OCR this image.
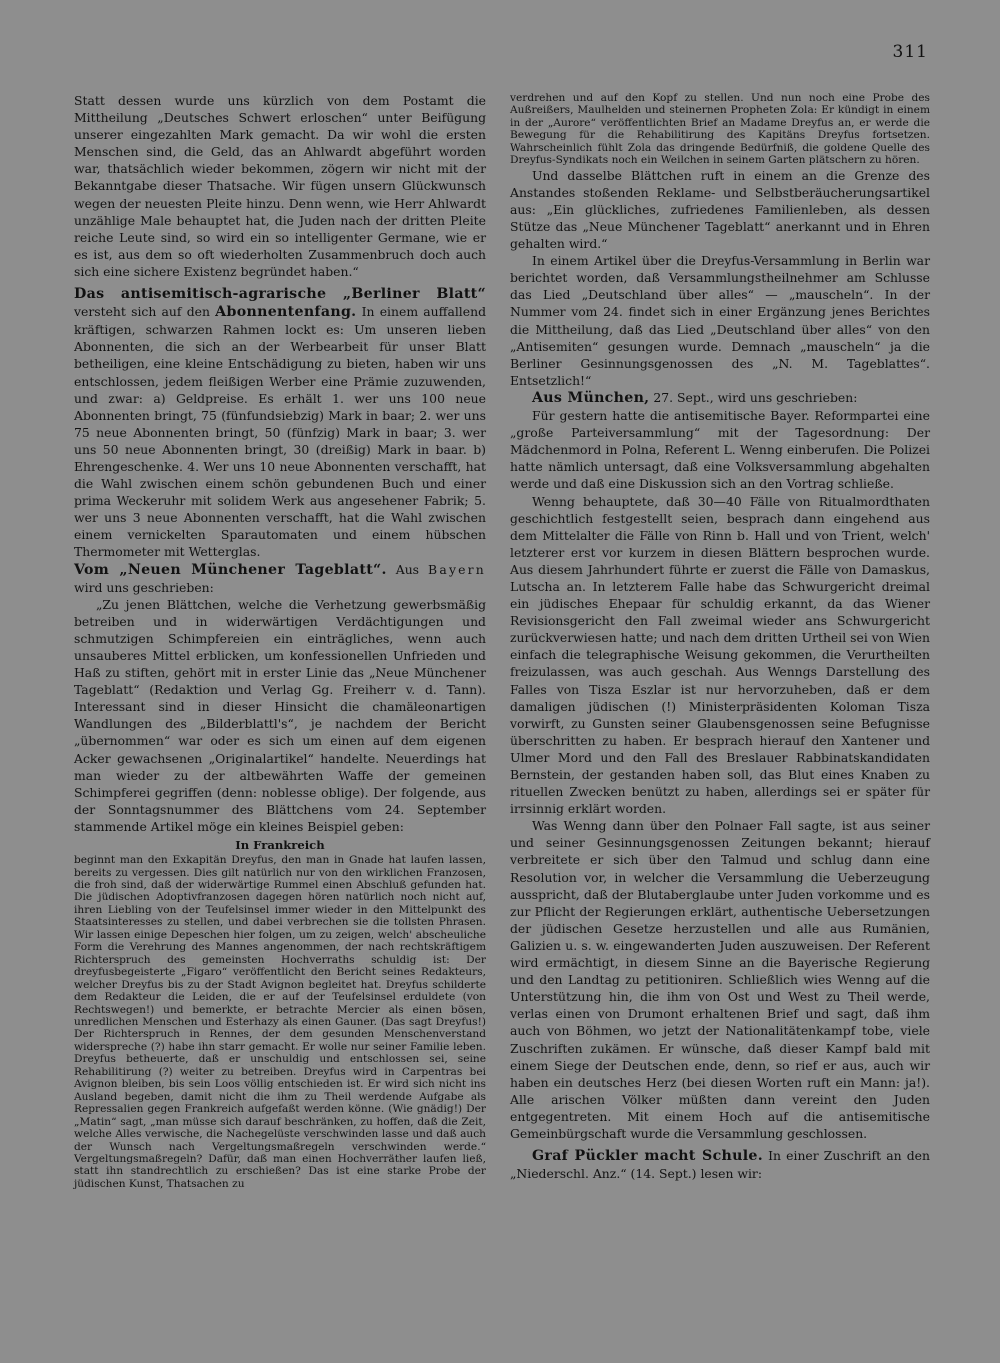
311

Statt dessen wurde uns kürzlich von dem Postamt die Mittheilung „Deutsches Schwert erloschen“ unter Beifügung unserer eingezahlten Mark gemacht. Da wir wohl die ersten Menschen sind, die Geld, das an Ahlwardt abgeführt worden war, thatsächlich wieder bekommen, zögern wir nicht mit der Bekanntgabe dieser Thatsache. Wir fügen unsern Glückwunsch wegen der neuesten Pleite hinzu. Denn wenn, wie Herr Ahlwardt unzählige Male behauptet hat, die Juden nach der dritten Pleite reiche Leute sind, so wird ein so intelligenter Germane, wie er es ist, aus dem so oft wiederholten Zusammenbruch doch auch sich eine sichere Existenz begründet haben.“

Das antisemitisch-agrarische „Berliner Blatt“ versteht sich auf den Abonnentenfang. In einem auffallend kräftigen, schwarzen Rahmen lockt es: Um unseren lieben Abonnenten, die sich an der Werbearbeit für unser Blatt betheiligen, eine kleine Entschädigung zu bieten, haben wir uns entschlossen, jedem fleißigen Werber eine Prämie zuzuwenden, und zwar: a) Geldpreise. Es erhält 1. wer uns 100 neue Abonnenten bringt, 75 (fünfundsiebzig) Mark in baar; 2. wer uns 75 neue Abonnenten bringt, 50 (fünfzig) Mark in baar; 3. wer uns 50 neue Abonnenten bringt, 30 (dreißig) Mark in baar. b) Ehrengeschenke. 4. Wer uns 10 neue Abonnenten verschafft, hat die Wahl zwischen einem schön gebundenen Buch und einer prima Weckeruhr mit solidem Werk aus angesehener Fabrik; 5. wer uns 3 neue Abonnenten verschafft, hat die Wahl zwischen einem vernickelten Sparautomaten und einem hübschen Thermometer mit Wetterglas.

Vom „Neuen Münchener Tageblatt“. Aus Bayern wird uns geschrieben:

„Zu jenen Blättchen, welche die Verhetzung gewerbsmäßig betreiben und in widerwärtigen Verdächtigungen und schmutzigen Schimpfereien ein einträgliches, wenn auch unsauberes Mittel erblicken, um konfessionellen Unfrieden und Haß zu stiften, gehört mit in erster Linie das „Neue Münchener Tageblatt“ (Redaktion und Verlag Gg. Freiherr v. d. Tann). Interessant sind in dieser Hinsicht die chamäleonartigen Wandlungen des „Bilderblattl's“, je nachdem der Bericht „übernommen“ war oder es sich um einen auf dem eigenen Acker gewachsenen „Originalartikel“ handelte. Neuerdings hat man wieder zu der altbewährten Waffe der gemeinen Schimpferei gegriffen (denn: noblesse oblige). Der folgende, aus der Sonntagsnummer des Blättchens vom 24. September stammende Artikel möge ein kleines Beispiel geben:

In Frankreich

beginnt man den Exkapitän Dreyfus, den man in Gnade hat laufen lassen, bereits zu vergessen. Dies gilt natürlich nur von den wirklichen Franzosen, die froh sind, daß der widerwärtige Rummel einen Abschluß gefunden hat. Die jüdischen Adoptivfranzosen dagegen hören natürlich noch nicht auf, ihren Liebling von der Teufelsinsel immer wieder in den Mittelpunkt des Staatsinteresses zu stellen, und dabei verbrechen sie die tollsten Phrasen. Wir lassen einige Depeschen hier folgen, um zu zeigen, welch' abscheuliche Form die Verehrung des Mannes angenommen, der nach rechtskräftigem Richterspruch des gemeinsten Hochverraths schuldig ist: Der dreyfusbegeisterte „Figaro“ veröffentlicht den Bericht seines Redakteurs, welcher Dreyfus bis zu der Stadt Avignon begleitet hat. Dreyfus schilderte dem Redakteur die Leiden, die er auf der Teufelsinsel erduldete (von Rechtswegen!) und bemerkte, er betrachte Mercier als einen bösen, unredlichen Menschen und Esterhazy als einen Gauner. (Das sagt Dreyfus!) Der Richterspruch in Rennes, der dem gesunden Menschenverstand widerspreche (?) habe ihn starr gemacht. Er wolle nur seiner Familie leben. Dreyfus betheuerte, daß er unschuldig und entschlossen sei, seine Rehabilitirung (?) weiter zu betreiben. Dreyfus wird in Carpentras bei Avignon bleiben, bis sein Loos völlig entschieden ist. Er wird sich nicht ins Ausland begeben, damit nicht die ihm zu Theil werdende Aufgabe als Repressalien gegen Frankreich aufgefaßt werden könne. (Wie gnädig!) Der „Matin“ sagt, „man müsse sich darauf beschränken, zu hoffen, daß die Zeit, welche Alles verwische, die Nachegelüste verschwinden lasse und daß auch der Wunsch nach Vergeltungsmaßregeln verschwinden werde.“ Vergeltungsmaßregeln? Dafür, daß man einen Hochverräther laufen ließ, statt ihn standrechtlich zu erschießen? Das ist eine starke Probe der jüdischen Kunst, Thatsachen zu

verdrehen und auf den Kopf zu stellen. Und nun noch eine Probe des Außreißers, Maulhelden und steinernen Propheten Zola: Er kündigt in einem in der „Aurore“ veröffentlichten Brief an Madame Dreyfus an, er werde die Bewegung für die Rehabilitirung des Kapitäns Dreyfus fortsetzen. Wahrscheinlich fühlt Zola das dringende Bedürfniß, die goldene Quelle des Dreyfus-Syndikats noch ein Weilchen in seinem Garten plätschern zu hören.

Und dasselbe Blättchen ruft in einem an die Grenze des Anstandes stoßenden Reklame- und Selbstberäucherungsartikel aus: „Ein glückliches, zufriedenes Familienleben, als dessen Stütze das „Neue Münchener Tageblatt“ anerkannt und in Ehren gehalten wird.“

In einem Artikel über die Dreyfus-Versammlung in Berlin war berichtet worden, daß Versammlungstheilnehmer am Schlusse das Lied „Deutschland über alles“ — „mauscheln“. In der Nummer vom 24. findet sich in einer Ergänzung jenes Berichtes die Mittheilung, daß das Lied „Deutschland über alles“ von den „Antisemiten“ gesungen wurde. Demnach „mauscheln“ ja die Berliner Gesinnungsgenossen des „N. M. Tageblattes“. Entsetzlich!“

Aus München, 27. Sept., wird uns geschrieben:

Für gestern hatte die antisemitische Bayer. Reformpartei eine „große Parteiversammlung“ mit der Tagesordnung: Der Mädchenmord in Polna, Referent L. Wenng einberufen. Die Polizei hatte nämlich untersagt, daß eine Volksversammlung abgehalten werde und daß eine Diskussion sich an den Vortrag schließe.

Wenng behauptete, daß 30—40 Fälle von Ritualmordthaten geschichtlich festgestellt seien, besprach dann eingehend aus dem Mittelalter die Fälle von Rinn b. Hall und von Trient, welch' letzterer erst vor kurzem in diesen Blättern besprochen wurde. Aus diesem Jahrhundert führte er zuerst die Fälle von Damaskus, Lutscha an. In letzterem Falle habe das Schwurgericht dreimal ein jüdisches Ehepaar für schuldig erkannt, da das Wiener Revisionsgericht den Fall zweimal wieder ans Schwurgericht zurückverwiesen hatte; und nach dem dritten Urtheil sei von Wien einfach die telegraphische Weisung gekommen, die Verurtheilten freizulassen, was auch geschah. Aus Wenngs Darstellung des Falles von Tisza Eszlar ist nur hervorzuheben, daß er dem damaligen jüdischen (!) Ministerpräsidenten Koloman Tisza vorwirft, zu Gunsten seiner Glaubensgenossen seine Befugnisse überschritten zu haben. Er besprach hierauf den Xantener und Ulmer Mord und den Fall des Breslauer Rabbinatskandidaten Bernstein, der gestanden haben soll, das Blut eines Knaben zu rituellen Zwecken benützt zu haben, allerdings sei er später für irrsinnig erklärt worden.

Was Wenng dann über den Polnaer Fall sagte, ist aus seiner und seiner Gesinnungsgenossen Zeitungen bekannt; hierauf verbreitete er sich über den Talmud und schlug dann eine Resolution vor, in welcher die Versammlung die Ueberzeugung ausspricht, daß der Blutaberglaube unter Juden vorkomme und es zur Pflicht der Regierungen erklärt, authentische Uebersetzungen der jüdischen Gesetze herzustellen und alle aus Rumänien, Galizien u. s. w. eingewanderten Juden auszuweisen. Der Referent wird ermächtigt, in diesem Sinne an die Bayerische Regierung und den Landtag zu petitioniren. Schließlich wies Wenng auf die Unterstützung hin, die ihm von Ost und West zu Theil werde, verlas einen von Drumont erhaltenen Brief und sagt, daß ihm auch von Böhmen, wo jetzt der Nationalitätenkampf tobe, viele Zuschriften zukämen. Er wünsche, daß dieser Kampf bald mit einem Siege der Deutschen ende, denn, so rief er aus, auch wir haben ein deutsches Herz (bei diesen Worten ruft ein Mann: ja!). Alle arischen Völker müßten dann vereint den Juden entgegentreten. Mit einem Hoch auf die antisemitische Gemeinbürgschaft wurde die Versammlung geschlossen.

Graf Pückler macht Schule. In einer Zuschrift an den „Niederschl. Anz.“ (14. Sept.) lesen wir:
